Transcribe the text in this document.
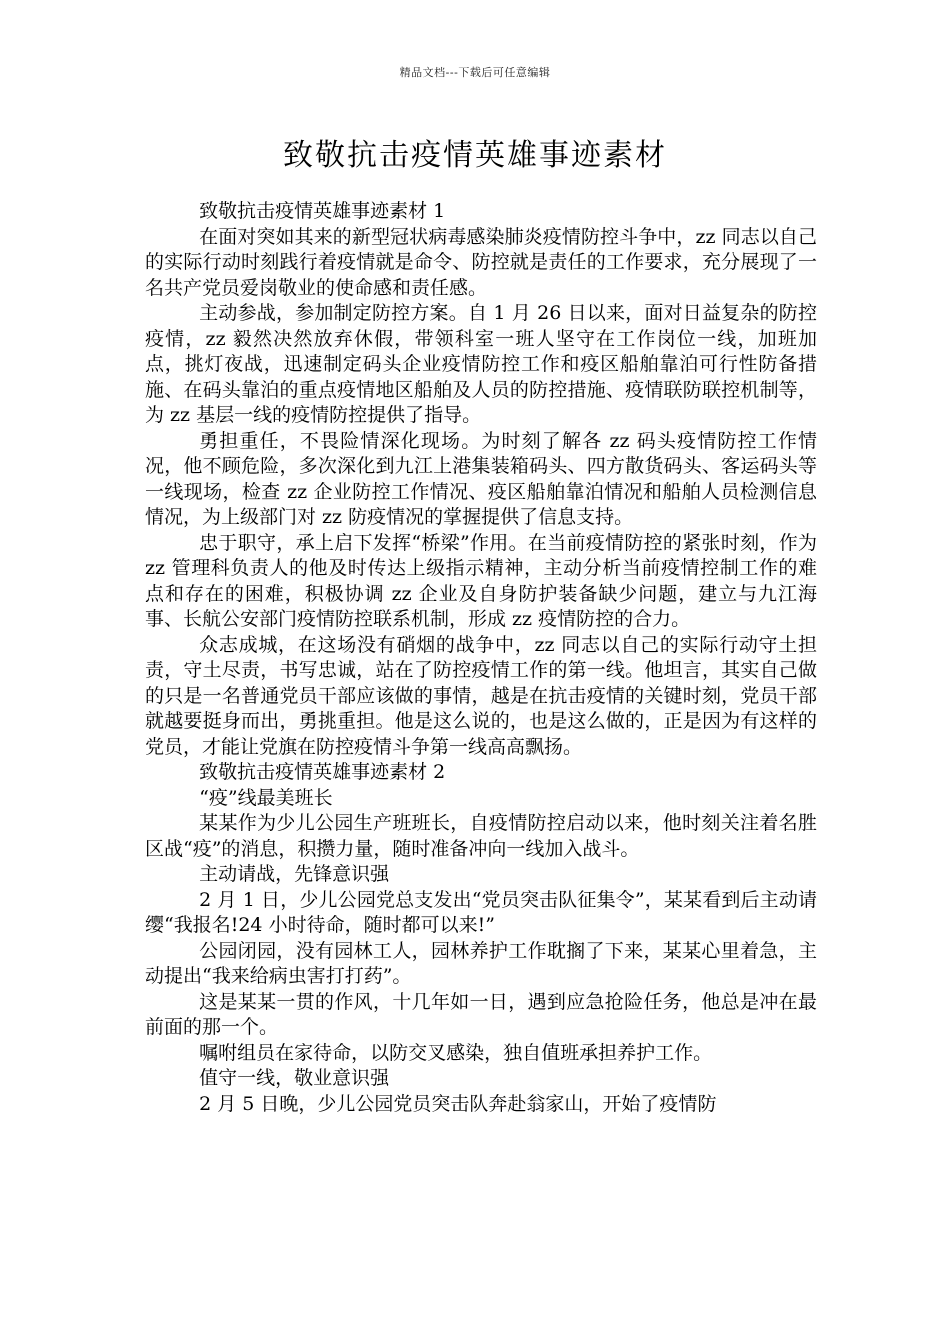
精品文档---下载后可任意编辑
致敬抗击疫情英雄事迹素材

致敬抗击疫情英雄事迹素材 1

在面对突如其来的新型冠状病毒感染肺炎疫情防控斗争中，zz 同志以自己的实际行动时刻践行着疫情就是命令、防控就是责任的工作要求，充分展现了一名共产党员爱岗敬业的使命感和责任感。

主动参战，参加制定防控方案。自 1 月 26 日以来，面对日益复杂的防控疫情，zz 毅然决然放弃休假，带领科室一班人坚守在工作岗位一线，加班加点，挑灯夜战，迅速制定码头企业疫情防控工作和疫区船舶靠泊可行性防备措施、在码头靠泊的重点疫情地区船舶及人员的防控措施、疫情联防联控机制等，为 zz 基层一线的疫情防控提供了指导。

勇担重任，不畏险情深化现场。为时刻了解各 zz 码头疫情防控工作情况，他不顾危险，多次深化到九江上港集装箱码头、四方散货码头、客运码头等一线现场，检查 zz 企业防控工作情况、疫区船舶靠泊情况和船舶人员检测信息情况，为上级部门对 zz 防疫情况的掌握提供了信息支持。

忠于职守，承上启下发挥“桥梁”作用。在当前疫情防控的紧张时刻，作为 zz 管理科负责人的他及时传达上级指示精神，主动分析当前疫情控制工作的难点和存在的困难，积极协调 zz 企业及自身防护装备缺少问题，建立与九江海事、长航公安部门疫情防控联系机制，形成 zz 疫情防控的合力。

众志成城，在这场没有硝烟的战争中，zz 同志以自己的实际行动守土担责，守土尽责，书写忠诚，站在了防控疫情工作的第一线。他坦言，其实自己做的只是一名普通党员干部应该做的事情，越是在抗击疫情的关键时刻，党员干部就越要挺身而出，勇挑重担。他是这么说的，也是这么做的，正是因为有这样的党员，才能让党旗在防控疫情斗争第一线高高飘扬。

致敬抗击疫情英雄事迹素材 2

“疫”线最美班长

某某作为少儿公园生产班班长，自疫情防控启动以来，他时刻关注着名胜区战“疫”的消息，积攒力量，随时准备冲向一线加入战斗。

主动请战，先锋意识强

2 月 1 日，少儿公园党总支发出“党员突击队征集令”，某某看到后主动请缨“我报名!24 小时待命，随时都可以来!”

公园闭园，没有园林工人，园林养护工作耽搁了下来，某某心里着急，主动提出“我来给病虫害打打药”。

这是某某一贯的作风，十几年如一日，遇到应急抢险任务，他总是冲在最前面的那一个。

嘱咐组员在家待命，以防交叉感染，独自值班承担养护工作。

值守一线，敬业意识强

2 月 5 日晚，少儿公园党员突击队奔赴翁家山，开始了疫情防
